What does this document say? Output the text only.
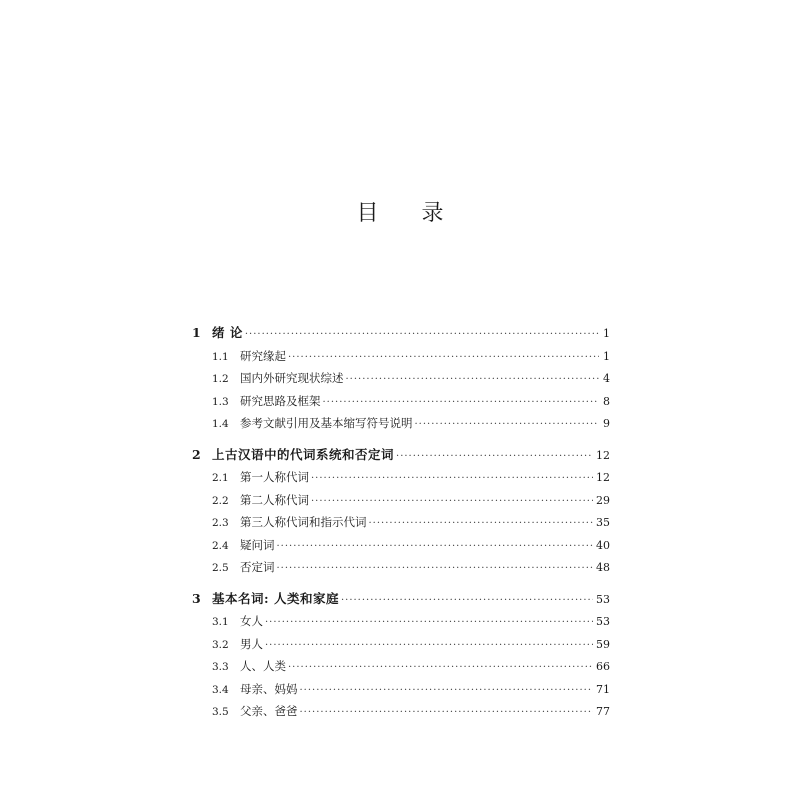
目 录
1 绪 论 ·····	1
1.1 研究缘起 ·····	1
1.2 国内外研究现状综述 ·····	4
1.3 研究思路及框架 ·····	8
1.4 参考文献引用及基本缩写符号说明 ·····	9
2 上古汉语中的代词系统和否定词 ·····	12
2.1 第一人称代词 ·····	12
2.2 第二人称代词 ·····	29
2.3 第三人称代词和指示代词 ·····	35
2.4 疑问词 ·····	40
2.5 否定词 ·····	48
3 基本名词: 人类和家庭 ·····	53
3.1 女人 ·····	53
3.2 男人 ·····	59
3.3 人、人类 ·····	66
3.4 母亲、妈妈 ·····	71
3.5 父亲、爸爸 ·····	77
